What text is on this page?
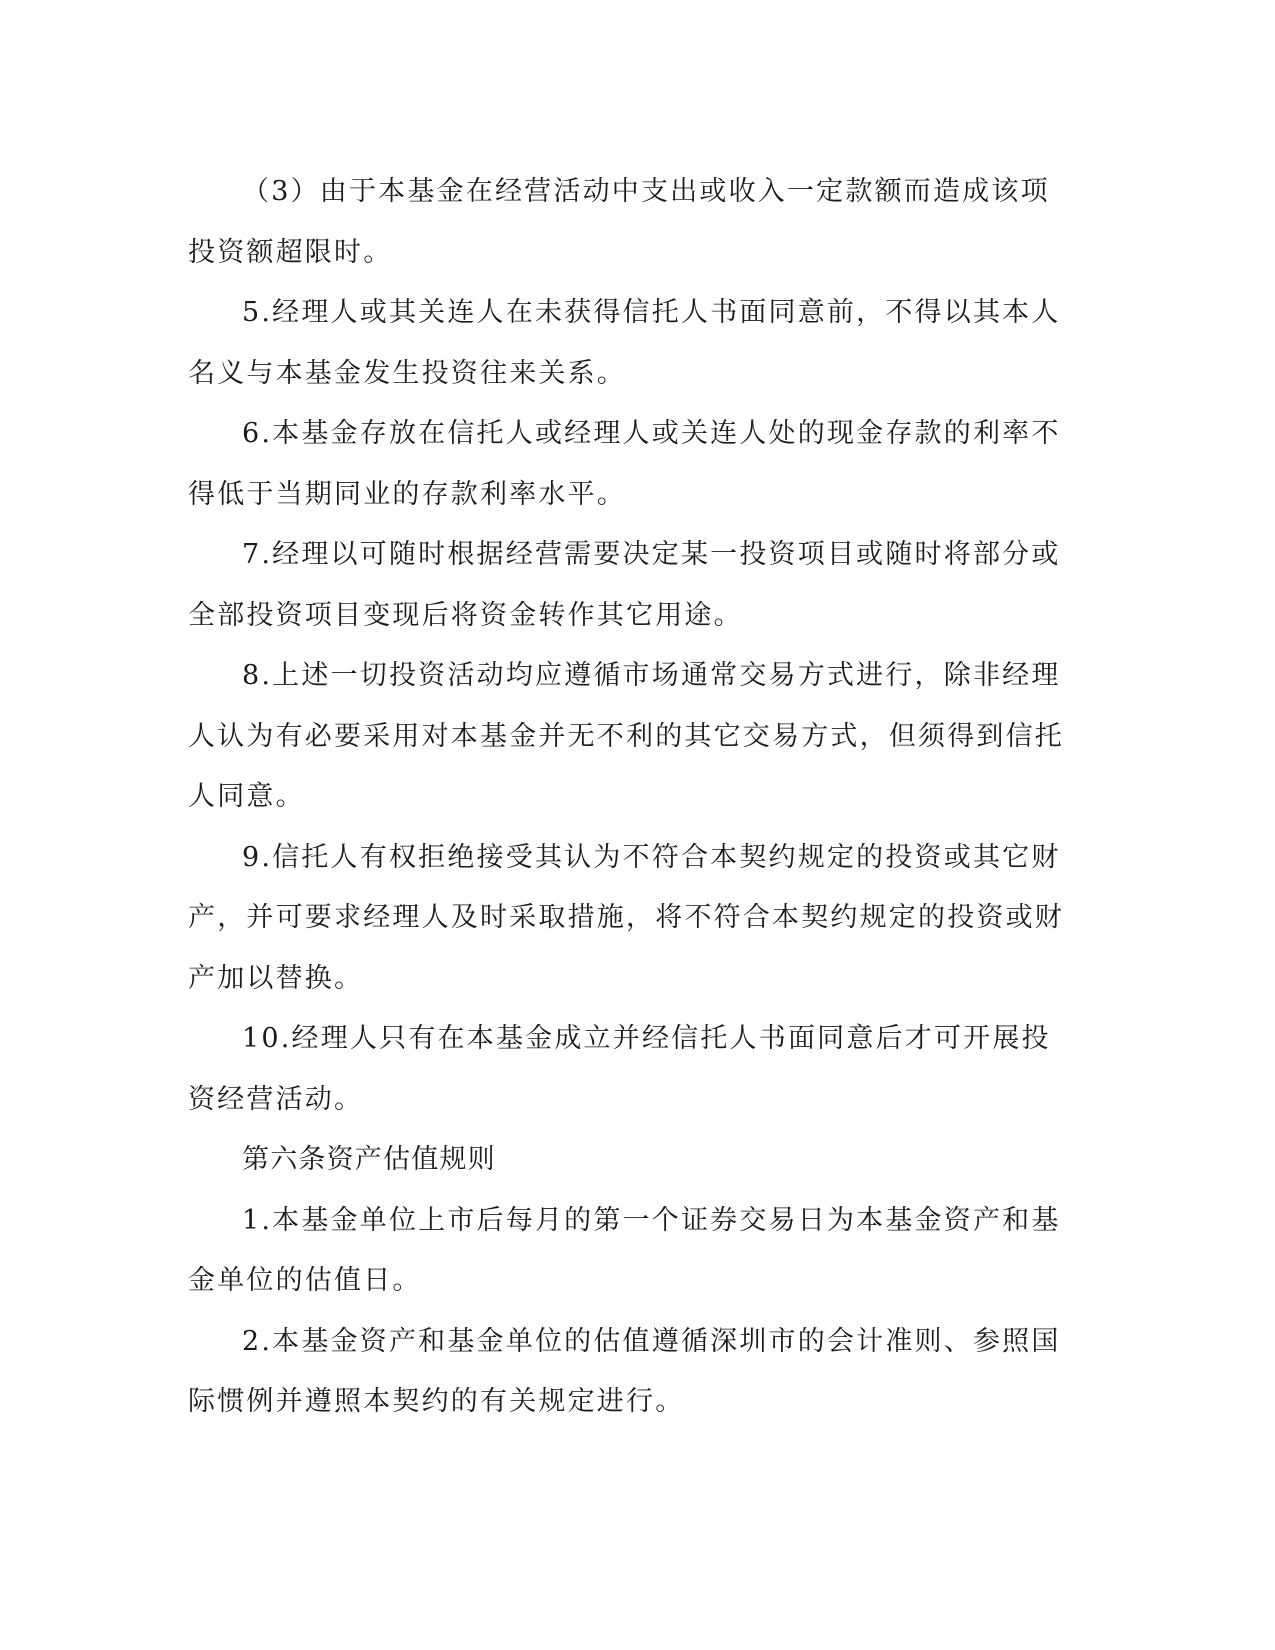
（3）由于本基金在经营活动中支出或收入一定款额而造成该项投资额超限时。

5.经理人或其关连人在未获得信托人书面同意前，不得以其本人名义与本基金发生投资往来关系。

6.本基金存放在信托人或经理人或关连人处的现金存款的利率不得低于当期同业的存款利率水平。

7.经理以可随时根据经营需要决定某一投资项目或随时将部分或全部投资项目变现后将资金转作其它用途。

8.上述一切投资活动均应遵循市场通常交易方式进行，除非经理人认为有必要采用对本基金并无不利的其它交易方式，但须得到信托人同意。

9.信托人有权拒绝接受其认为不符合本契约规定的投资或其它财产，并可要求经理人及时采取措施，将不符合本契约规定的投资或财产加以替换。

10.经理人只有在本基金成立并经信托人书面同意后才可开展投资经营活动。

第六条资产估值规则

1.本基金单位上市后每月的第一个证券交易日为本基金资产和基金单位的估值日。

2.本基金资产和基金单位的估值遵循深圳市的会计准则、参照国际惯例并遵照本契约的有关规定进行。
